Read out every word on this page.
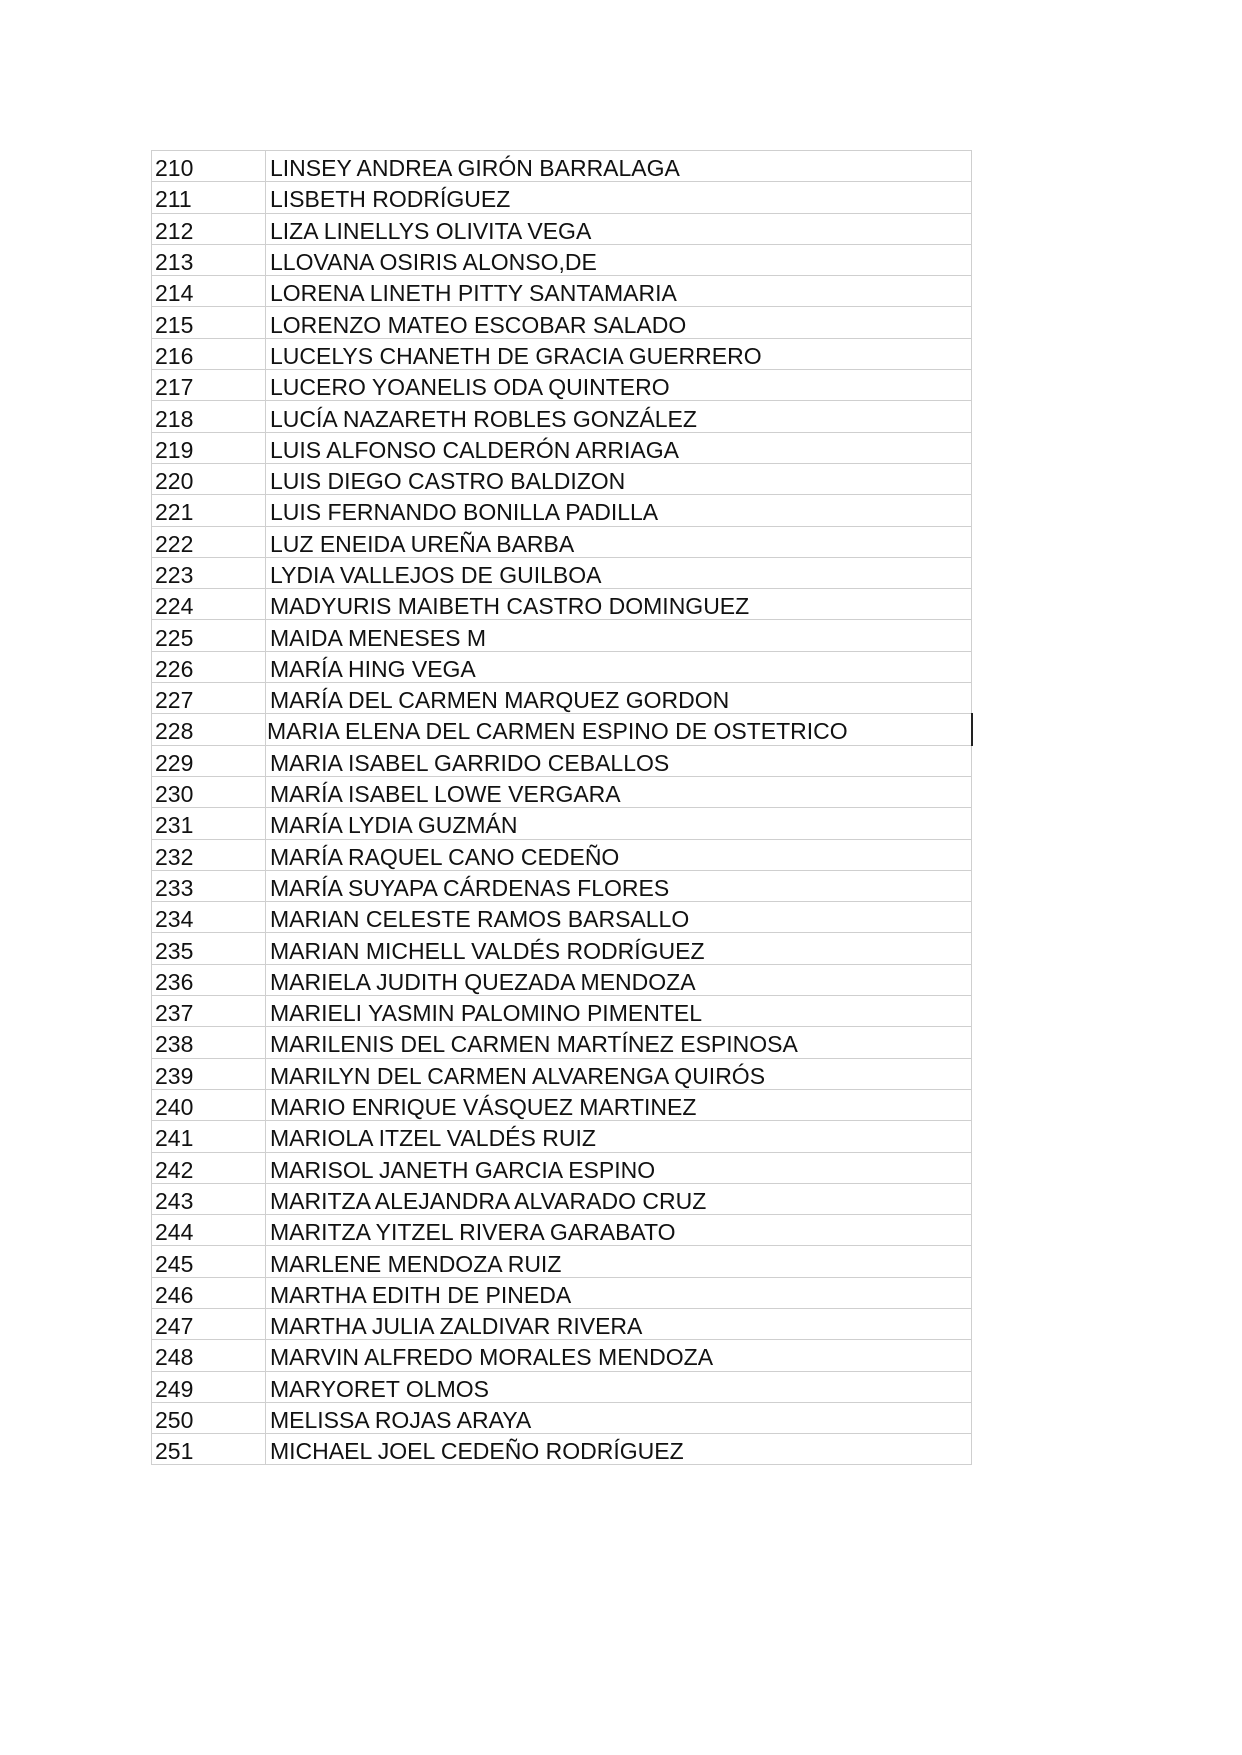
210	LINSEY ANDREA GIRÓN BARRALAGA
211	LISBETH RODRÍGUEZ
212	LIZA LINELLYS OLIVITA VEGA
213	LLOVANA OSIRIS ALONSO,DE
214	LORENA LINETH PITTY SANTAMARIA
215	LORENZO MATEO ESCOBAR SALADO
216	LUCELYS CHANETH DE GRACIA GUERRERO
217	LUCERO YOANELIS ODA QUINTERO
218	LUCÍA NAZARETH ROBLES GONZÁLEZ
219	LUIS ALFONSO CALDERÓN ARRIAGA
220	LUIS DIEGO CASTRO BALDIZON
221	LUIS FERNANDO BONILLA PADILLA
222	LUZ ENEIDA UREÑA BARBA
223	LYDIA VALLEJOS DE GUILBOA
224	MADYURIS MAIBETH CASTRO DOMINGUEZ
225	MAIDA MENESES M
226	MARÍA HING VEGA
227	MARÍA DEL CARMEN MARQUEZ GORDON
228	MARIA ELENA DEL CARMEN ESPINO DE OSTETRICO
229	MARIA ISABEL GARRIDO CEBALLOS
230	MARÍA ISABEL LOWE VERGARA
231	MARÍA LYDIA GUZMÁN
232	MARÍA RAQUEL CANO CEDEÑO
233	MARÍA SUYAPA CÁRDENAS FLORES
234	MARIAN CELESTE RAMOS BARSALLO
235	MARIAN MICHELL VALDÉS RODRÍGUEZ
236	MARIELA JUDITH QUEZADA MENDOZA
237	MARIELI YASMIN PALOMINO PIMENTEL
238	MARILENIS DEL CARMEN MARTÍNEZ ESPINOSA
239	MARILYN DEL CARMEN ALVARENGA QUIRÓS
240	MARIO ENRIQUE VÁSQUEZ MARTINEZ
241	MARIOLA ITZEL VALDÉS RUIZ
242	MARISOL JANETH GARCIA ESPINO
243	MARITZA ALEJANDRA ALVARADO CRUZ
244	MARITZA YITZEL RIVERA GARABATO
245	MARLENE MENDOZA RUIZ
246	MARTHA EDITH DE PINEDA
247	MARTHA JULIA ZALDIVAR RIVERA
248	MARVIN ALFREDO MORALES MENDOZA
249	MARYORET OLMOS
250	MELISSA ROJAS ARAYA
251	MICHAEL JOEL CEDEÑO RODRÍGUEZ
